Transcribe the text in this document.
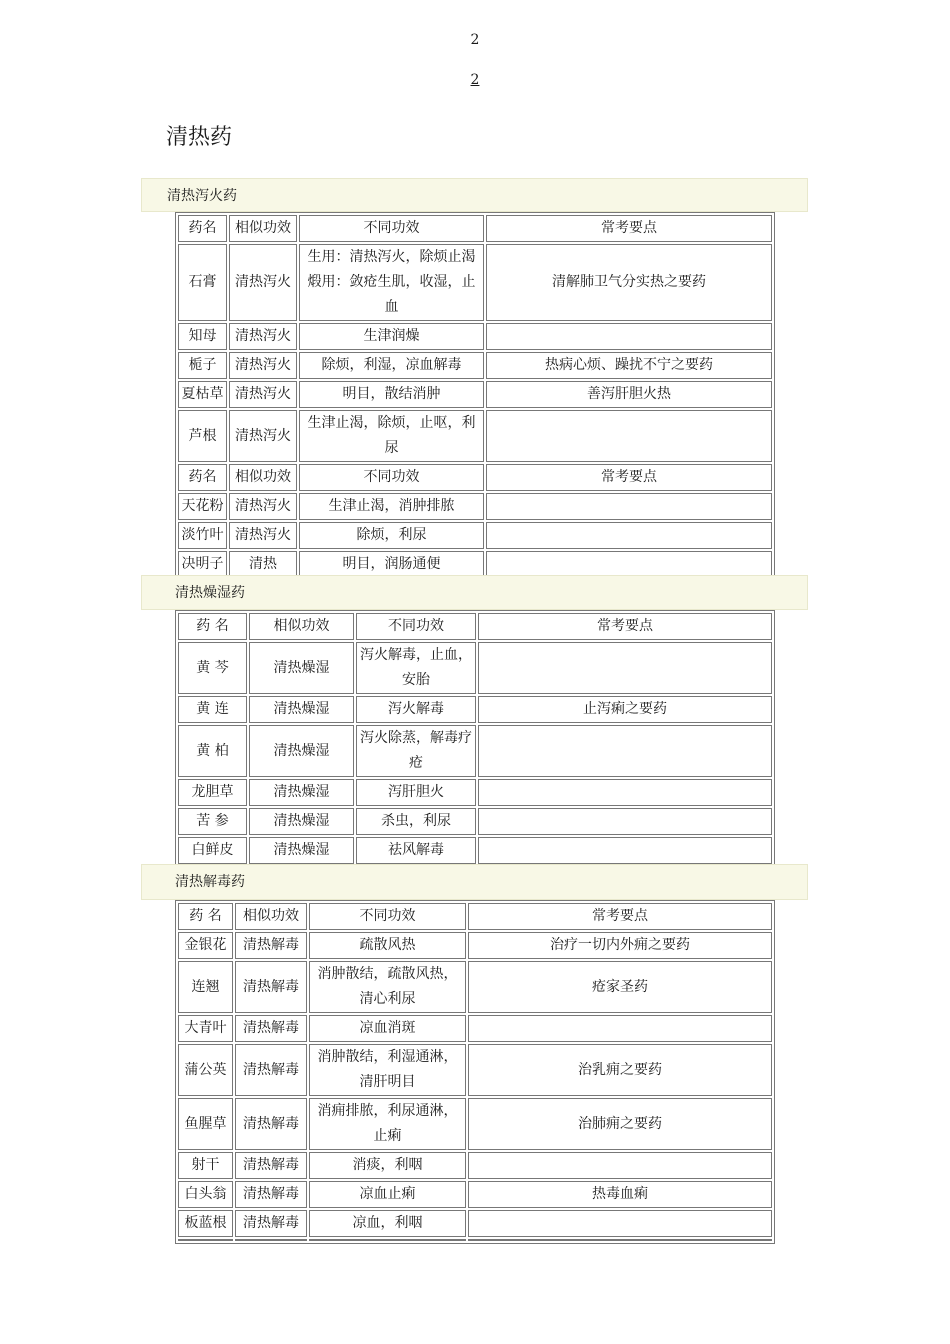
2
2
清热药
清热泻火药
药名	相似功效	不同功效	常考要点
石膏	清热泻火	生用：清热泻火，除烦止渴煅用：敛疮生肌，收湿，止血	清解肺卫气分实热之要药
知母	清热泻火	生津润燥	
栀子	清热泻火	除烦，利湿，凉血解毒	热病心烦、躁扰不宁之要药
夏枯草	清热泻火	明目，散结消肿	善泻肝胆火热
芦根	清热泻火	生津止渴，除烦，止呕，利尿	
药名	相似功效	不同功效	常考要点
天花粉	清热泻火	生津止渴，消肿排脓	
淡竹叶	清热泻火	除烦，利尿	
决明子	清热	明目，润肠通便	
清热燥湿药
药 名	相似功效	不同功效	常考要点
黄 芩	清热燥湿	泻火解毒，止血，安胎	
黄 连	清热燥湿	泻火解毒	止泻痢之要药
黄 柏	清热燥湿	泻火除蒸，解毒疗疮	
龙胆草	清热燥湿	泻肝胆火	
苦 参	清热燥湿	杀虫，利尿	
白鲜皮	清热燥湿	祛风解毒	
清热解毒药
药 名	相似功效	不同功效	常考要点
金银花	清热解毒	疏散风热	治疗一切内外痈之要药
连翘	清热解毒	消肿散结，疏散风热，清心利尿	疮家圣药
大青叶	清热解毒	凉血消斑	
蒲公英	清热解毒	消肿散结，利湿通淋，清肝明目	治乳痈之要药
鱼腥草	清热解毒	消痈排脓，利尿通淋，止痢	治肺痈之要药
射干	清热解毒	消痰，利咽	
白头翁	清热解毒	凉血止痢	热毒血痢
板蓝根	清热解毒	凉血，利咽	
